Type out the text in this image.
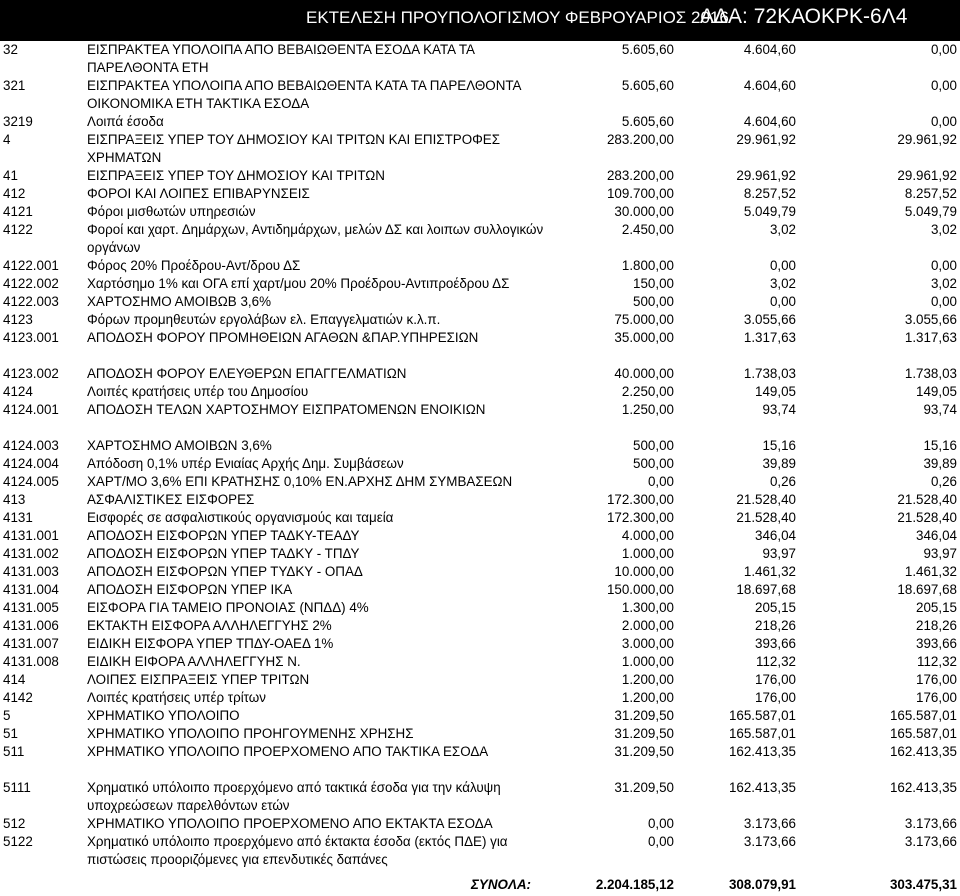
ΕΚΤΕΛΕΣΗ ΠΡΟΥΠΟΛΟΓΙΣΜΟΥ ΦΕΒΡΟΥΑΡΙΟΣ 2016
ΑΔΑ: 72ΚΑΟΚΡΚ-6Λ4
32	ΕΙΣΠΡΑΚΤΕΑ ΥΠΟΛΟΙΠΑ ΑΠΟ ΒΕΒΑΙΩΘΕΝΤΑ ΕΣΟΔΑ ΚΑΤΑ ΤΑ ΠΑΡΕΛΘΟΝΤΑ ΕΤΗ
5.605,60	4.604,60	0,00
321	ΕΙΣΠΡΑΚΤΕΑ ΥΠΟΛΟΙΠΑ ΑΠΟ ΒΕΒΑΙΩΘΕΝΤΑ ΚΑΤΑ ΤΑ ΠΑΡΕΛΘΟΝΤΑ ΟΙΚΟΝΟΜΙΚΑ ΕΤΗ ΤΑΚΤΙΚΑ ΕΣΟΔΑ
5.605,60	4.604,60	0,00
3219	Λοιπά έσοδα	5.605,60	4.604,60	0,00
4	ΕΙΣΠΡΑΞΕΙΣ ΥΠΕΡ ΤΟΥ ΔΗΜΟΣΙΟΥ ΚΑΙ ΤΡΙΤΩΝ ΚΑΙ ΕΠΙΣΤΡΟΦΕΣ ΧΡΗΜΑΤΩΝ
283.200,00	29.961,92	29.961,92
41	ΕΙΣΠΡΑΞΕΙΣ ΥΠΕΡ ΤΟΥ ΔΗΜΟΣΙΟΥ ΚΑΙ ΤΡΙΤΩΝ	283.200,00	29.961,92	29.961,92
412	ΦΟΡΟΙ ΚΑΙ ΛΟΙΠΕΣ ΕΠΙΒΑΡΥΝΣΕΙΣ	109.700,00	8.257,52	8.257,52
4121	Φόροι μισθωτών υπηρεσιών	30.000,00	5.049,79	5.049,79
4122	Φοροί και χαρτ. Δημάρχων, Αντιδημάρχων, μελών ΔΣ και λοιπων συλλογικών οργάνων
2.450,00	3,02	3,02
4122.001 Φόρος 20% Προέδρου-Αντ/δρου ΔΣ	1.800,00	0,00	0,00
4122.002 Χαρτόσημο 1% και ΟΓΑ επί χαρτ/μου 20% Προέδρου-Αντιπροέδρου ΔΣ	150,00	3,02	3,02
4122.003 ΧΑΡΤΟΣΗΜΟ ΑΜΟΙΒΩΒ 3,6%	500,00	0,00	0,00
4123	Φόρων προμηθευτών εργολάβων ελ. Επαγγελματιών κ.λ.π.	75.000,00	3.055,66	3.055,66
4123.001 ΑΠΟΔΟΣΗ ΦΟΡΟΥ ΠΡΟΜΗΘΕΙΩΝ ΑΓΑΘΩΝ &ΠΑΡ.ΥΠΗΡΕΣΙΩΝ	35.000,00	1.317,63	1.317,63
4123.002 ΑΠΟΔΟΣΗ ΦΟΡΟΥ ΕΛΕΥΘΕΡΩΝ ΕΠΑΓΓΕΛΜΑΤΙΩΝ	40.000,00	1.738,03	1.738,03
4124	Λοιπές κρατήσεις υπέρ του Δημοσίου	2.250,00	149,05	149,05
4124.001 ΑΠΟΔΟΣΗ ΤΕΛΩΝ ΧΑΡΤΟΣΗΜΟΥ ΕΙΣΠΡΑΤΟΜΕΝΩΝ ΕΝΟΙΚΙΩΝ	1.250,00	93,74	93,74
4124.003 ΧΑΡΤΟΣΗΜΟ ΑΜΟΙΒΩΝ 3,6%	500,00	15,16	15,16
4124.004 Απόδοση 0,1% υπέρ Ενιαίας Αρχής Δημ. Συμβάσεων	500,00	39,89	39,89
4124.005 ΧΑΡΤ/ΜΟ 3,6% ΕΠΙ ΚΡΑΤΗΣΗΣ 0,10% ΕΝ.ΑΡΧΗΣ ΔΗΜ ΣΥΜΒΑΣΕΩΝ	0,00	0,26	0,26
413	ΑΣΦΑΛΙΣΤΙΚΕΣ ΕΙΣΦΟΡΕΣ	172.300,00	21.528,40	21.528,40
4131	Εισφορές σε ασφαλιστικούς οργανισμούς και ταμεία	172.300,00	21.528,40	21.528,40
4131.001 ΑΠΟΔΟΣΗ ΕΙΣΦΟΡΩΝ ΥΠΕΡ ΤΑΔΚΥ-ΤΕΑΔΥ	4.000,00	346,04	346,04
4131.002 ΑΠΟΔΟΣΗ ΕΙΣΦΟΡΩΝ ΥΠΕΡ ΤΑΔΚΥ - ΤΠΔΥ	1.000,00	93,97	93,97
4131.003 ΑΠΟΔΟΣΗ ΕΙΣΦΟΡΩΝ ΥΠΕΡ ΤΥΔΚΥ - ΟΠΑΔ	10.000,00	1.461,32	1.461,32
4131.004 ΑΠΟΔΟΣΗ ΕΙΣΦΟΡΩΝ ΥΠΕΡ ΙΚΑ	150.000,00	18.697,68	18.697,68
4131.005 ΕΙΣΦΟΡΑ ΓΙΑ ΤΑΜΕΙΟ ΠΡΟΝΟΙΑΣ (ΝΠΔΔ) 4%	1.300,00	205,15	205,15
4131.006 ΕΚΤΑΚΤΗ ΕΙΣΦΟΡΑ ΑΛΛΗΛΕΓΓΥΗΣ 2%	2.000,00	218,26	218,26
4131.007 ΕΙΔΙΚΗ ΕΙΣΦΟΡΑ ΥΠΕΡ ΤΠΔΥ-ΟΑΕΔ 1%	3.000,00	393,66	393,66
4131.008 ΕΙΔΙΚΗ ΕΙΦΟΡΑ ΑΛΛΗΛΕΓΓΥΗΣ Ν.	1.000,00	112,32	112,32
414	ΛΟΙΠΕΣ ΕΙΣΠΡΑΞΕΙΣ ΥΠΕΡ ΤΡΙΤΩΝ	1.200,00	176,00	176,00
4142	Λοιπές κρατήσεις υπέρ τρίτων	1.200,00	176,00	176,00
5	ΧΡΗΜΑΤΙΚΟ ΥΠΟΛΟΙΠΟ	31.209,50	165.587,01	165.587,01
51	ΧΡΗΜΑΤΙΚΟ ΥΠΟΛΟΙΠΟ ΠΡΟΗΓΟΥΜΕΝΗΣ ΧΡΗΣΗΣ	31.209,50	165.587,01	165.587,01
511	ΧΡΗΜΑΤΙΚΟ ΥΠΟΛΟΙΠΟ ΠΡΟΕΡΧΟΜΕΝΟ ΑΠΟ ΤΑΚΤΙΚΑ ΕΣΟΔΑ	31.209,50	162.413,35	162.413,35
5111	Χρηματικό υπόλοιπο προερχόμενο από τακτικά έσοδα για την κάλυψη υποχρεώσεων παρελθόντων ετών
31.209,50	162.413,35	162.413,35
512	ΧΡΗΜΑΤΙΚΟ ΥΠΟΛΟΙΠΟ ΠΡΟΕΡΧΟΜΕΝΟ ΑΠΟ ΕΚΤΑΚΤΑ ΕΣΟΔΑ	0,00	3.173,66	3.173,66
5122	Χρηματικό υπόλοιπο προερχόμενο από έκτακτα έσοδα (εκτός ΠΔΕ) για πιστώσεις προοριζόμενες για επενδυτικές δαπάνες
0,00	3.173,66	3.173,66
ΣΥΝΟΛΑ:	2.204.185,12	308.079,91	303.475,31
